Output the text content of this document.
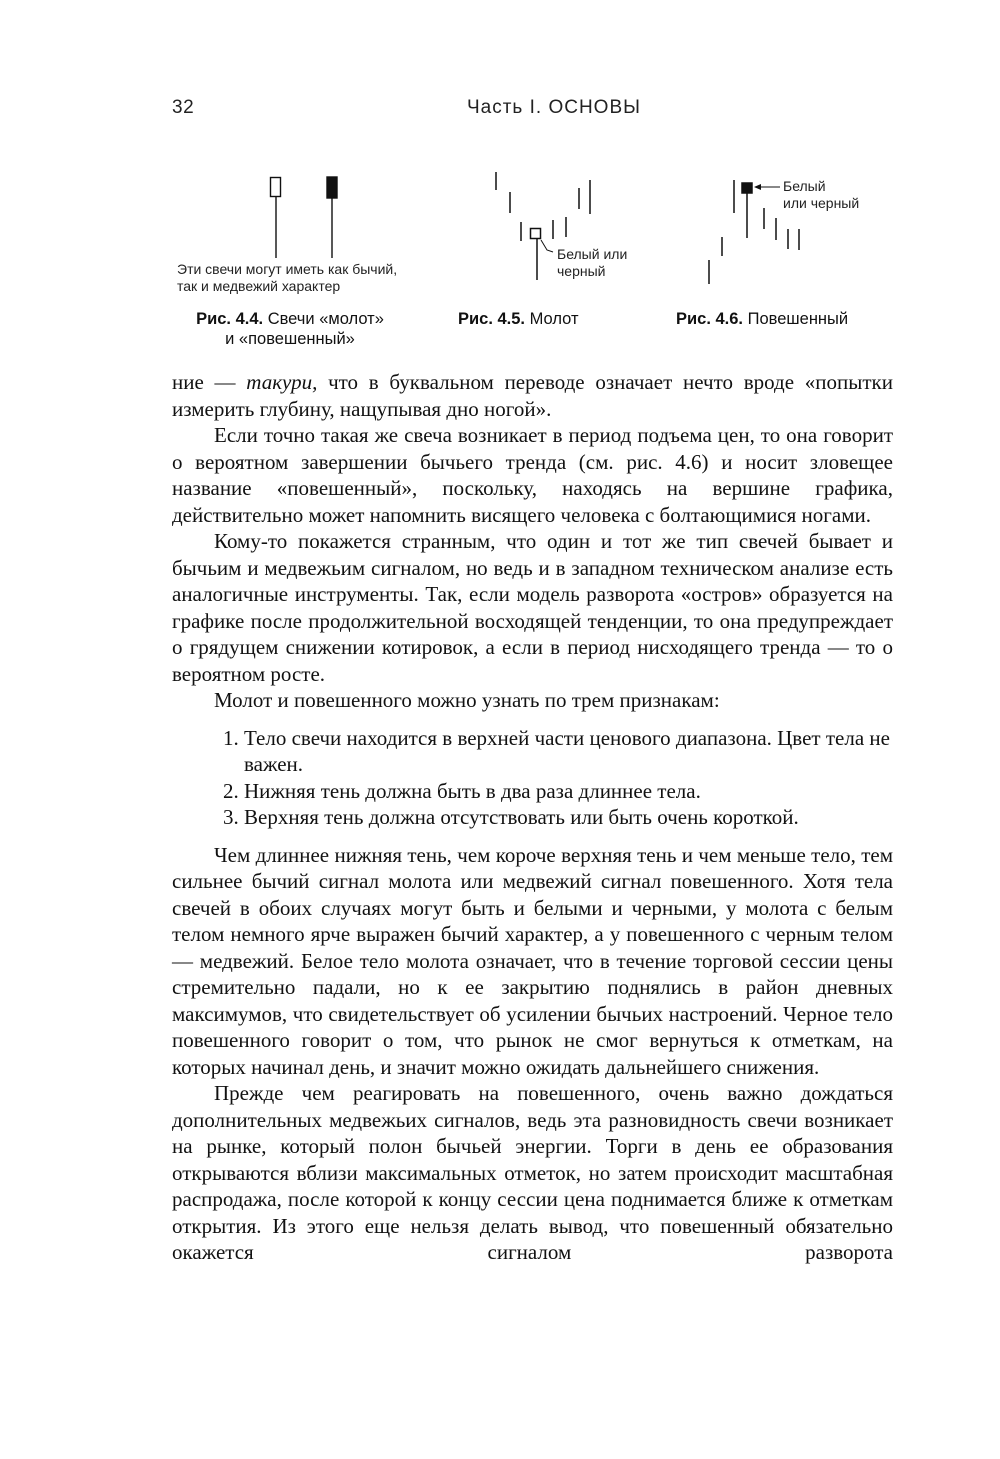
32	Часть I. ОСНОВЫ
Эти свечи могут иметь как бычий,
так и медвежий характер
Белый или
черный
Белый
или черный
Рис. 4.4. Свечи «молот»
и «повешенный»
Рис. 4.5. Молот	Рис. 4.6. Повешенный

ние — такури, что в буквальном переводе означает нечто вроде «попытки измерить глубину, нащупывая дно ногой».

Если точно такая же свеча возникает в период подъема цен, то она говорит о вероятном завершении бычьего тренда (см. рис. 4.6) и носит зловещее название «повешенный», поскольку, находясь на вершине графика, действительно может напомнить висящего человека с болтающимися ногами.

Кому-то покажется странным, что один и тот же тип свечей бывает и бычьим и медвежьим сигналом, но ведь и в западном техническом анализе есть аналогичные инструменты. Так, если модель разворота «остров» образуется на графике после продолжительной восходящей тенденции, то она предупреждает о грядущем снижении котировок, а если в период нисходящего тренда — то о вероятном росте.

Молот и повешенного можно узнать по трем признакам:

1. Тело свечи находится в верхней части ценового диапазона. Цвет тела не важен.
2. Нижняя тень должна быть в два раза длиннее тела.
3. Верхняя тень должна отсутствовать или быть очень короткой.

Чем длиннее нижняя тень, чем короче верхняя тень и чем меньше тело, тем сильнее бычий сигнал молота или медвежий сигнал повешенного. Хотя тела свечей в обоих случаях могут быть и белыми и черными, у молота с белым телом немного ярче выражен бычий характер, а у повешенного с черным телом — медвежий. Белое тело молота означает, что в течение торговой сессии цены стремительно падали, но к ее закрытию поднялись в район дневных максимумов, что свидетельствует об усилении бычьих настроений. Черное тело повешенного говорит о том, что рынок не смог вернуться к отметкам, на которых начинал день, и значит можно ожидать дальнейшего снижения.

Прежде чем реагировать на повешенного, очень важно дождаться дополнительных медвежьих сигналов, ведь эта разновидность свечи возникает на рынке, который полон бычьей энергии. Торги в день ее образования открываются вблизи максимальных отметок, но затем происходит масштабная распродажа, после которой к концу сессии цена поднимается ближе к отметкам открытия. Из этого еще нельзя делать вывод, что повешенный обязательно окажется сигналом разворота
